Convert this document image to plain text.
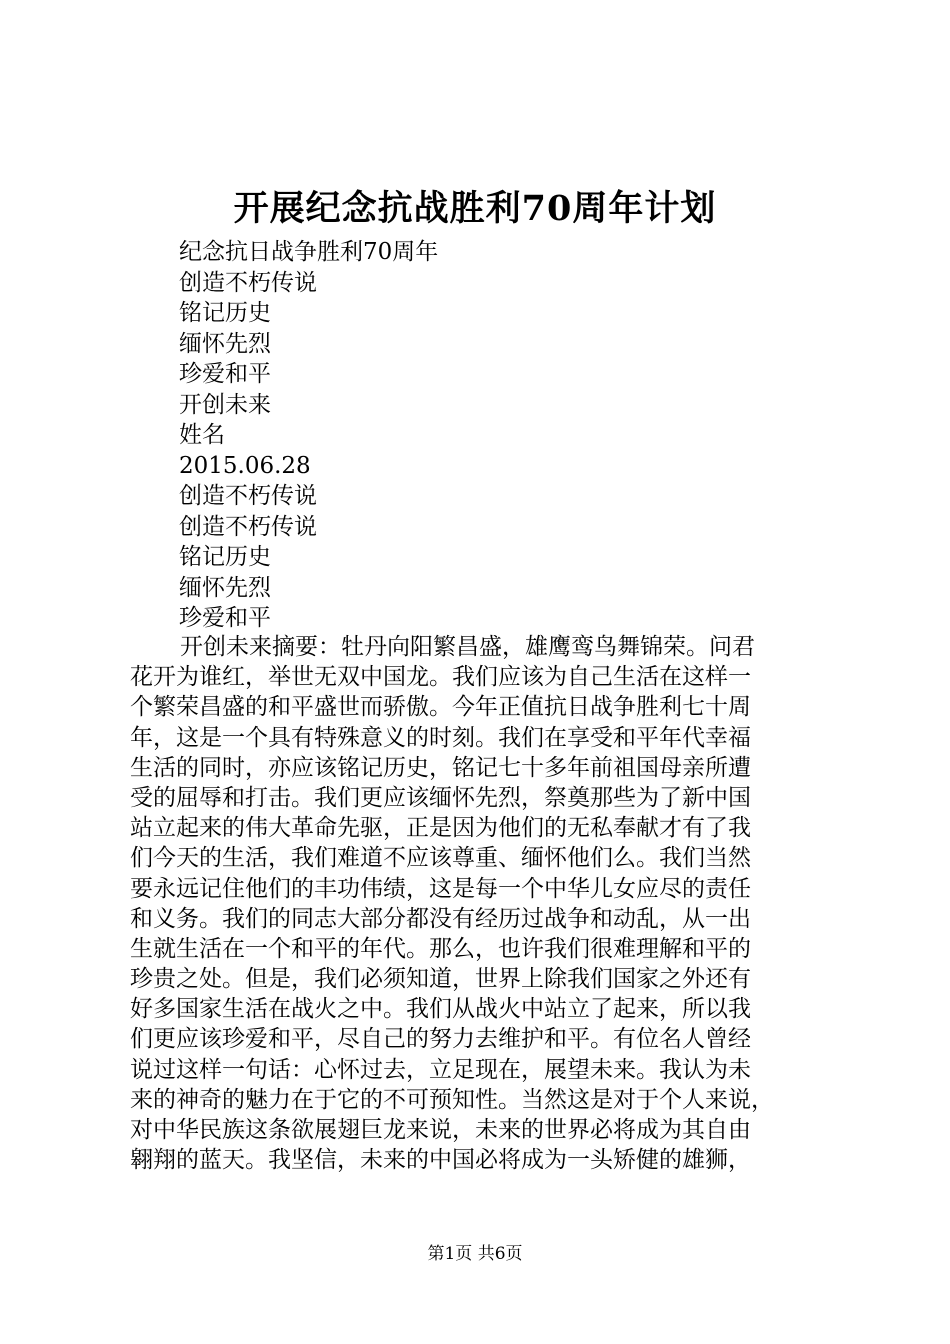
开展纪念抗战胜利70周年计划
纪念抗日战争胜利70周年
创造不朽传说
铭记历史
缅怀先烈
珍爱和平
开创未来
姓名
2015.06.28
创造不朽传说
创造不朽传说
铭记历史
缅怀先烈
珍爱和平

开创未来摘要：牡丹向阳繁昌盛，雄鹰鸾鸟舞锦荣。问君
花开为谁红，举世无双中国龙。我们应该为自己生活在这样一
个繁荣昌盛的和平盛世而骄傲。今年正值抗日战争胜利七十周
年，这是一个具有特殊意义的时刻。我们在享受和平年代幸福
生活的同时，亦应该铭记历史，铭记七十多年前祖国母亲所遭
受的屈辱和打击。我们更应该缅怀先烈，祭奠那些为了新中国
站立起来的伟大革命先驱，正是因为他们的无私奉献才有了我
们今天的生活，我们难道不应该尊重、缅怀他们么。我们当然
要永远记住他们的丰功伟绩，这是每一个中华儿女应尽的责任
和义务。我们的同志大部分都没有经历过战争和动乱，从一出
生就生活在一个和平的年代。那么，也许我们很难理解和平的
珍贵之处。但是，我们必须知道，世界上除我们国家之外还有
好多国家生活在战火之中。我们从战火中站立了起来，所以我
们更应该珍爱和平，尽自己的努力去维护和平。有位名人曾经
说过这样一句话：心怀过去，立足现在，展望未来。我认为未
来的神奇的魅力在于它的不可预知性。当然这是对于个人来说，
对中华民族这条欲展翅巨龙来说，未来的世界必将成为其自由
翱翔的蓝天。我坚信，未来的中国必将成为一头矫健的雄狮，

第1页 共6页
